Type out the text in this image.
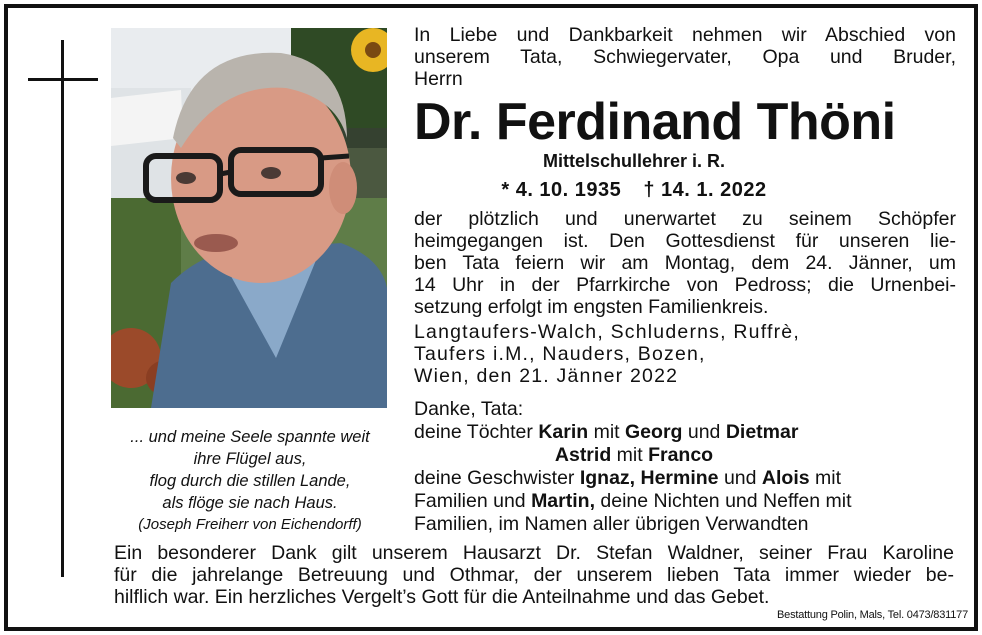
... und meine Seele spannte weit
ihre Flügel aus,
flog durch die stillen Lande,
als flöge sie nach Haus.
(Joseph Freiherr von Eichendorff)
In Liebe und Dankbarkeit nehmen wir Abschied von
unserem Tata, Schwiegervater, Opa und Bruder,
Herrn
Dr. Ferdinand Thöni
Mittelschullehrer i. R.
* 4. 10. 1935 † 14. 1. 2022
der plötzlich und unerwartet zu seinem Schöpfer
heimgegangen ist. Den Gottesdienst für unseren lie-
ben Tata feiern wir am Montag, dem 24. Jänner, um
14 Uhr in der Pfarrkirche von Pedross; die Urnenbei-
setzung erfolgt im engsten Familienkreis.
Langtaufers-Walch, Schluderns, Ruffrè,
Taufers i.M., Nauders, Bozen,
Wien, den 21. Jänner 2022
Danke, Tata:
deine Töchter Karin mit Georg und Dietmar
Astrid mit Franco
deine Geschwister Ignaz, Hermine und Alois mit
Familien und Martin, deine Nichten und Neffen mit
Familien, im Namen aller übrigen Verwandten
Ein besonderer Dank gilt unserem Hausarzt Dr. Stefan Waldner, seiner Frau Karoline
für die jahrelange Betreuung und Othmar, der unserem lieben Tata immer wieder be-
hilflich war. Ein herzliches Vergelt’s Gott für die Anteilnahme und das Gebet.
Bestattung Polin, Mals, Tel. 0473/831177
